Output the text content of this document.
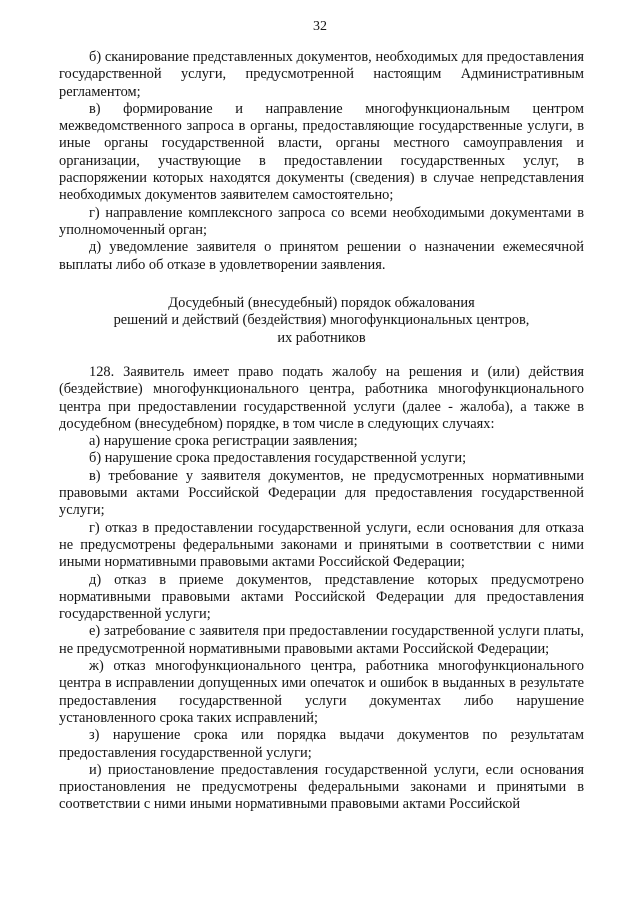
32

б) сканирование представленных документов, необходимых для предоставления государственной услуги, предусмотренной настоящим Административным регламентом;

в) формирование и направление многофункциональным центром межведомственного запроса в органы, предоставляющие государственные услуги, в иные органы государственной власти, органы местного самоуправления и организации, участвующие в предоставлении государственных услуг, в распоряжении которых находятся документы (сведения) в случае непредставления необходимых документов заявителем самостоятельно;

г) направление комплексного запроса со всеми необходимыми документами в уполномоченный орган;

д) уведомление заявителя о принятом решении о назначении ежемесячной выплаты либо об отказе в удовлетворении заявления.

Досудебный (внесудебный) порядок обжалования
решений и действий (бездействия) многофункциональных центров,
их работников

128. Заявитель имеет право подать жалобу на решения и (или) действия (бездействие) многофункционального центра, работника многофункционального центра при предоставлении государственной услуги (далее - жалоба), а также в досудебном (внесудебном) порядке, в том числе в следующих случаях:

а) нарушение срока регистрации заявления;

б) нарушение срока предоставления государственной услуги;

в) требование у заявителя документов, не предусмотренных нормативными правовыми актами Российской Федерации для предоставления государственной услуги;

г) отказ в предоставлении государственной услуги, если основания для отказа не предусмотрены федеральными законами и принятыми в соответствии с ними иными нормативными правовыми актами Российской Федерации;

д) отказ в приеме документов, представление которых предусмотрено нормативными правовыми актами Российской Федерации для предоставления государственной услуги;

е) затребование с заявителя при предоставлении государственной услуги платы, не предусмотренной нормативными правовыми актами Российской Федерации;

ж) отказ многофункционального центра, работника многофункционального центра в исправлении допущенных ими опечаток и ошибок в выданных в результате предоставления государственной услуги документах либо нарушение установленного срока таких исправлений;

з) нарушение срока или порядка выдачи документов по результатам предоставления государственной услуги;

и) приостановление предоставления государственной услуги, если основания приостановления не предусмотрены федеральными законами и принятыми в соответствии с ними иными нормативными правовыми актами Российской
